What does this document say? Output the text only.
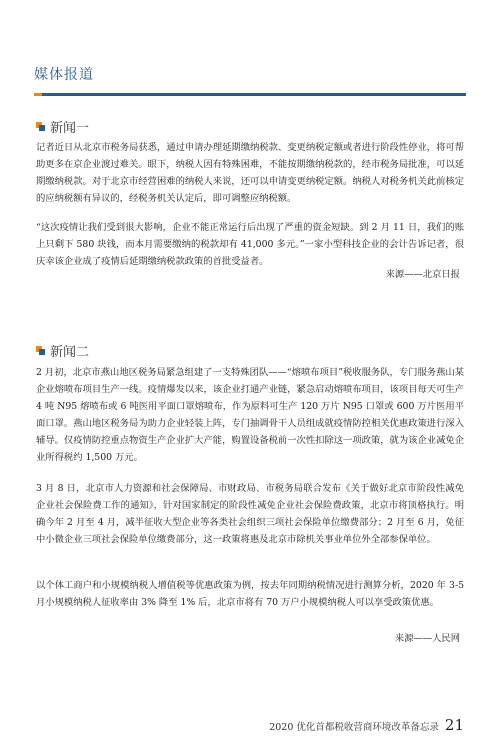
媒体报道
新闻一

记者近日从北京市税务局获悉，通过申请办理延期缴纳税款、变更纳税定额或者进行阶段性停业，将可帮助更多在京企业渡过难关。眼下，纳税人因有特殊困难，不能按期缴纳税款的，经市税务局批准，可以延期缴纳税款。对于北京市经营困难的纳税人来说，还可以申请变更纳税定额。纳税人对税务机关此前核定的应纳税额有异议的，经税务机关认定后，即可调整应纳税额。

“这次疫情让我们受到很大影响，企业不能正常运行后出现了严重的资金短缺。到 2 月 11 日，我们的账上只剩下 580 块钱，而本月需要缴纳的税款却有 41,000 多元。”一家小型科技企业的会计告诉记者，很庆幸该企业成了疫情后延期缴纳税款政策的首批受益者。

来源——北京日报

新闻二

2 月初，北京市燕山地区税务局紧急组建了一支特殊团队——“熔喷布项目”税收服务队，专门服务燕山某企业熔喷布项目生产一线。疫情爆发以来，该企业打通产业链，紧急启动熔喷布项目，该项目每天可生产 4 吨 N95 熔喷布或 6 吨医用平面口罩熔喷布，作为原料可生产 120 万片 N95 口罩或 600 万片医用平面口罩。燕山地区税务局为助力企业轻装上阵，专门抽调骨干人员组成就疫情防控相关优惠政策进行深入辅导。仅疫情防控重点物资生产企业扩大产能，购置设备税前一次性扣除这一项政策，就为该企业减免企业所得税约 1,500 万元。

3 月 8 日，北京市人力资源和社会保障局、市财政局、市税务局联合发布《关于做好北京市阶段性减免企业社会保险费工作的通知》，针对国家制定的阶段性减免企业社会保险费政策，北京市将顶格执行。明确今年 2 月至 4 月，减半征收大型企业等各类社会组织三项社会保险单位缴费部分；2 月至 6 月，免征中小微企业三项社会保险单位缴费部分，这一政策将惠及北京市除机关事业单位外全部参保单位。

以个体工商户和小规模纳税人增值税等优惠政策为例，按去年同期纳税情况进行测算分析，2020 年 3-5 月小规模纳税人征收率由 3% 降至 1% 后，北京市将有 70 万户小规模纳税人可以享受政策优惠。

来源——人民网

2020 优化首都税收营商环境改革备忘录 21
